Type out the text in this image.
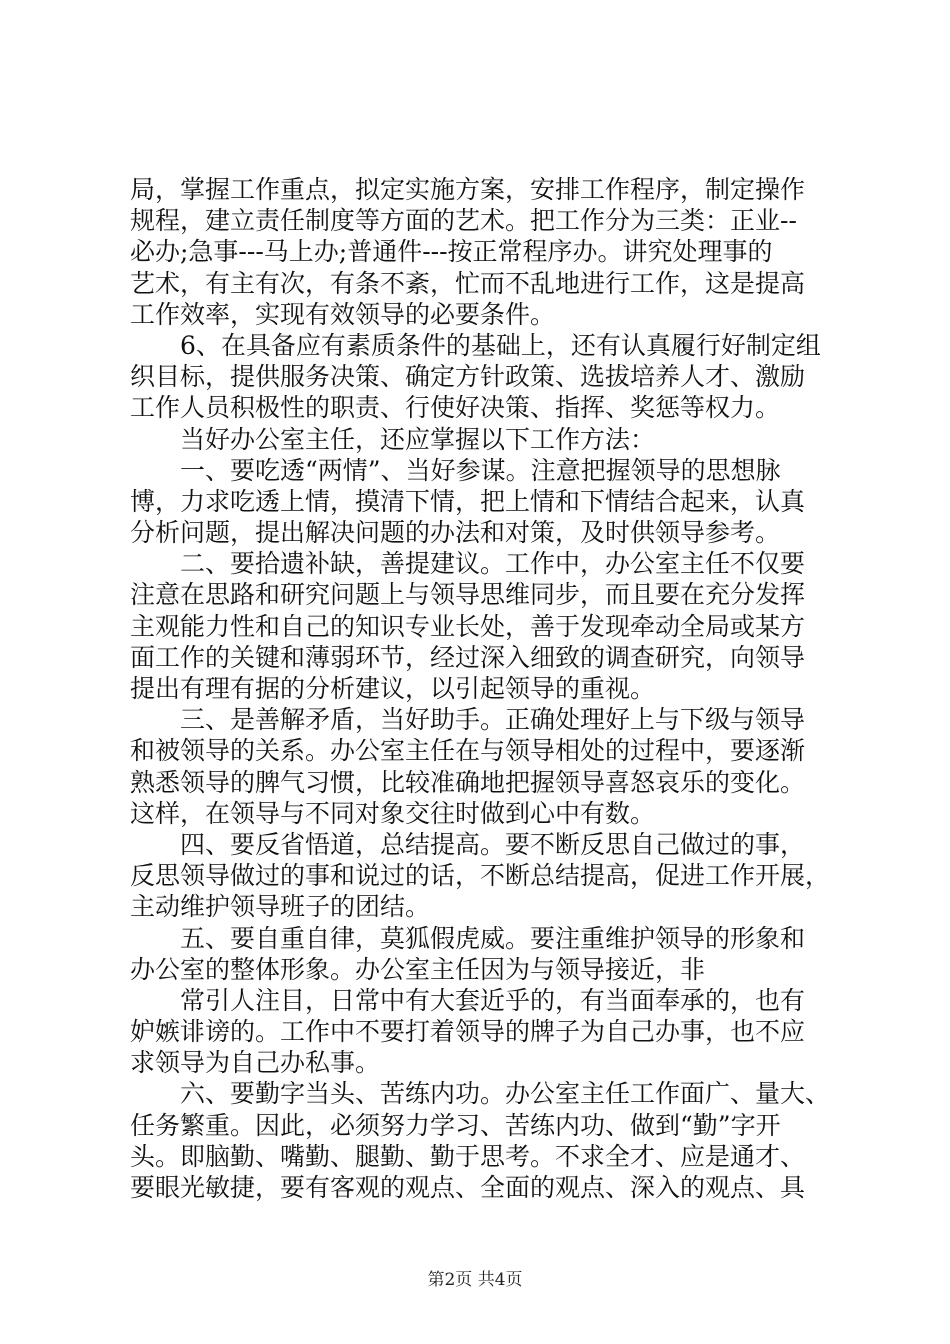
局，掌握工作重点，拟定实施方案，安排工作程序，制定操作
规程，建立责任制度等方面的艺术。把工作分为三类：正业--
必办;急事---马上办;普通件---按正常程序办。讲究处理事的
艺术，有主有次，有条不紊，忙而不乱地进行工作，这是提高
工作效率，实现有效领导的必要条件。
　　6、在具备应有素质条件的基础上，还有认真履行好制定组
织目标，提供服务决策、确定方针政策、选拔培养人才、激励
工作人员积极性的职责、行使好决策、指挥、奖惩等权力。
　　当好办公室主任，还应掌握以下工作方法：
　　一、要吃透“两情”、当好参谋。注意把握领导的思想脉
博，力求吃透上情，摸清下情，把上情和下情结合起来，认真
分析问题，提出解决问题的办法和对策，及时供领导参考。
　　二、要拾遗补缺，善提建议。工作中，办公室主任不仅要
注意在思路和研究问题上与领导思维同步，而且要在充分发挥
主观能力性和自己的知识专业长处，善于发现牵动全局或某方
面工作的关键和薄弱环节，经过深入细致的调查研究，向领导
提出有理有据的分析建议，以引起领导的重视。
　　三、是善解矛盾，当好助手。正确处理好上与下级与领导
和被领导的关系。办公室主任在与领导相处的过程中，要逐渐
熟悉领导的脾气习惯，比较准确地把握领导喜怒哀乐的变化。
这样，在领导与不同对象交往时做到心中有数。
　　四、要反省悟道，总结提高。要不断反思自己做过的事，
反思领导做过的事和说过的话，不断总结提高，促进工作开展，
主动维护领导班子的团结。
　　五、要自重自律，莫狐假虎威。要注重维护领导的形象和
办公室的整体形象。办公室主任因为与领导接近，非
　　常引人注目，日常中有大套近乎的，有当面奉承的，也有
妒嫉诽谤的。工作中不要打着领导的牌子为自己办事，也不应
求领导为自己办私事。
　　六、要勤字当头、苦练内功。办公室主任工作面广、量大、
任务繁重。因此，必须努力学习、苦练内功、做到“勤”字开
头。即脑勤、嘴勤、腿勤、勤于思考。不求全才、应是通才、
要眼光敏捷，要有客观的观点、全面的观点、深入的观点、具
第2页 共4页
